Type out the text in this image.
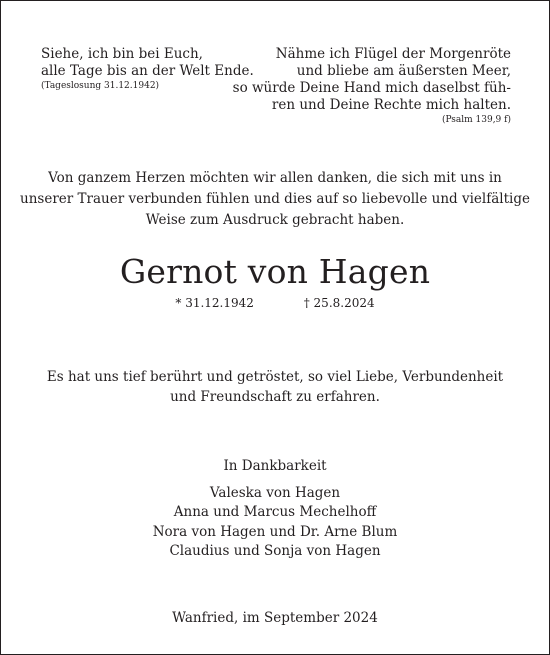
Siehe, ich bin bei Euch,
alle Tage bis an der Welt Ende.
(Tageslosung 31.12.1942)
Nähme ich Flügel der Morgenröte
und bliebe am äußersten Meer,
so würde Deine Hand mich daselbst füh-
ren und Deine Rechte mich halten.
(Psalm 139,9 f)
Von ganzem Herzen möchten wir allen danken, die sich mit uns in
unserer Trauer verbunden fühlen und dies auf so liebevolle und vielfältige
Weise zum Ausdruck gebracht haben.
Gernot von Hagen
* 31.12.1942	† 25.8.2024
Es hat uns tief berührt und getröstet, so viel Liebe, Verbundenheit
und Freundschaft zu erfahren.
In Dankbarkeit
Valeska von Hagen
Anna und Marcus Mechelhoff
Nora von Hagen und Dr. Arne Blum
Claudius und Sonja von Hagen
Wanfried, im September 2024
